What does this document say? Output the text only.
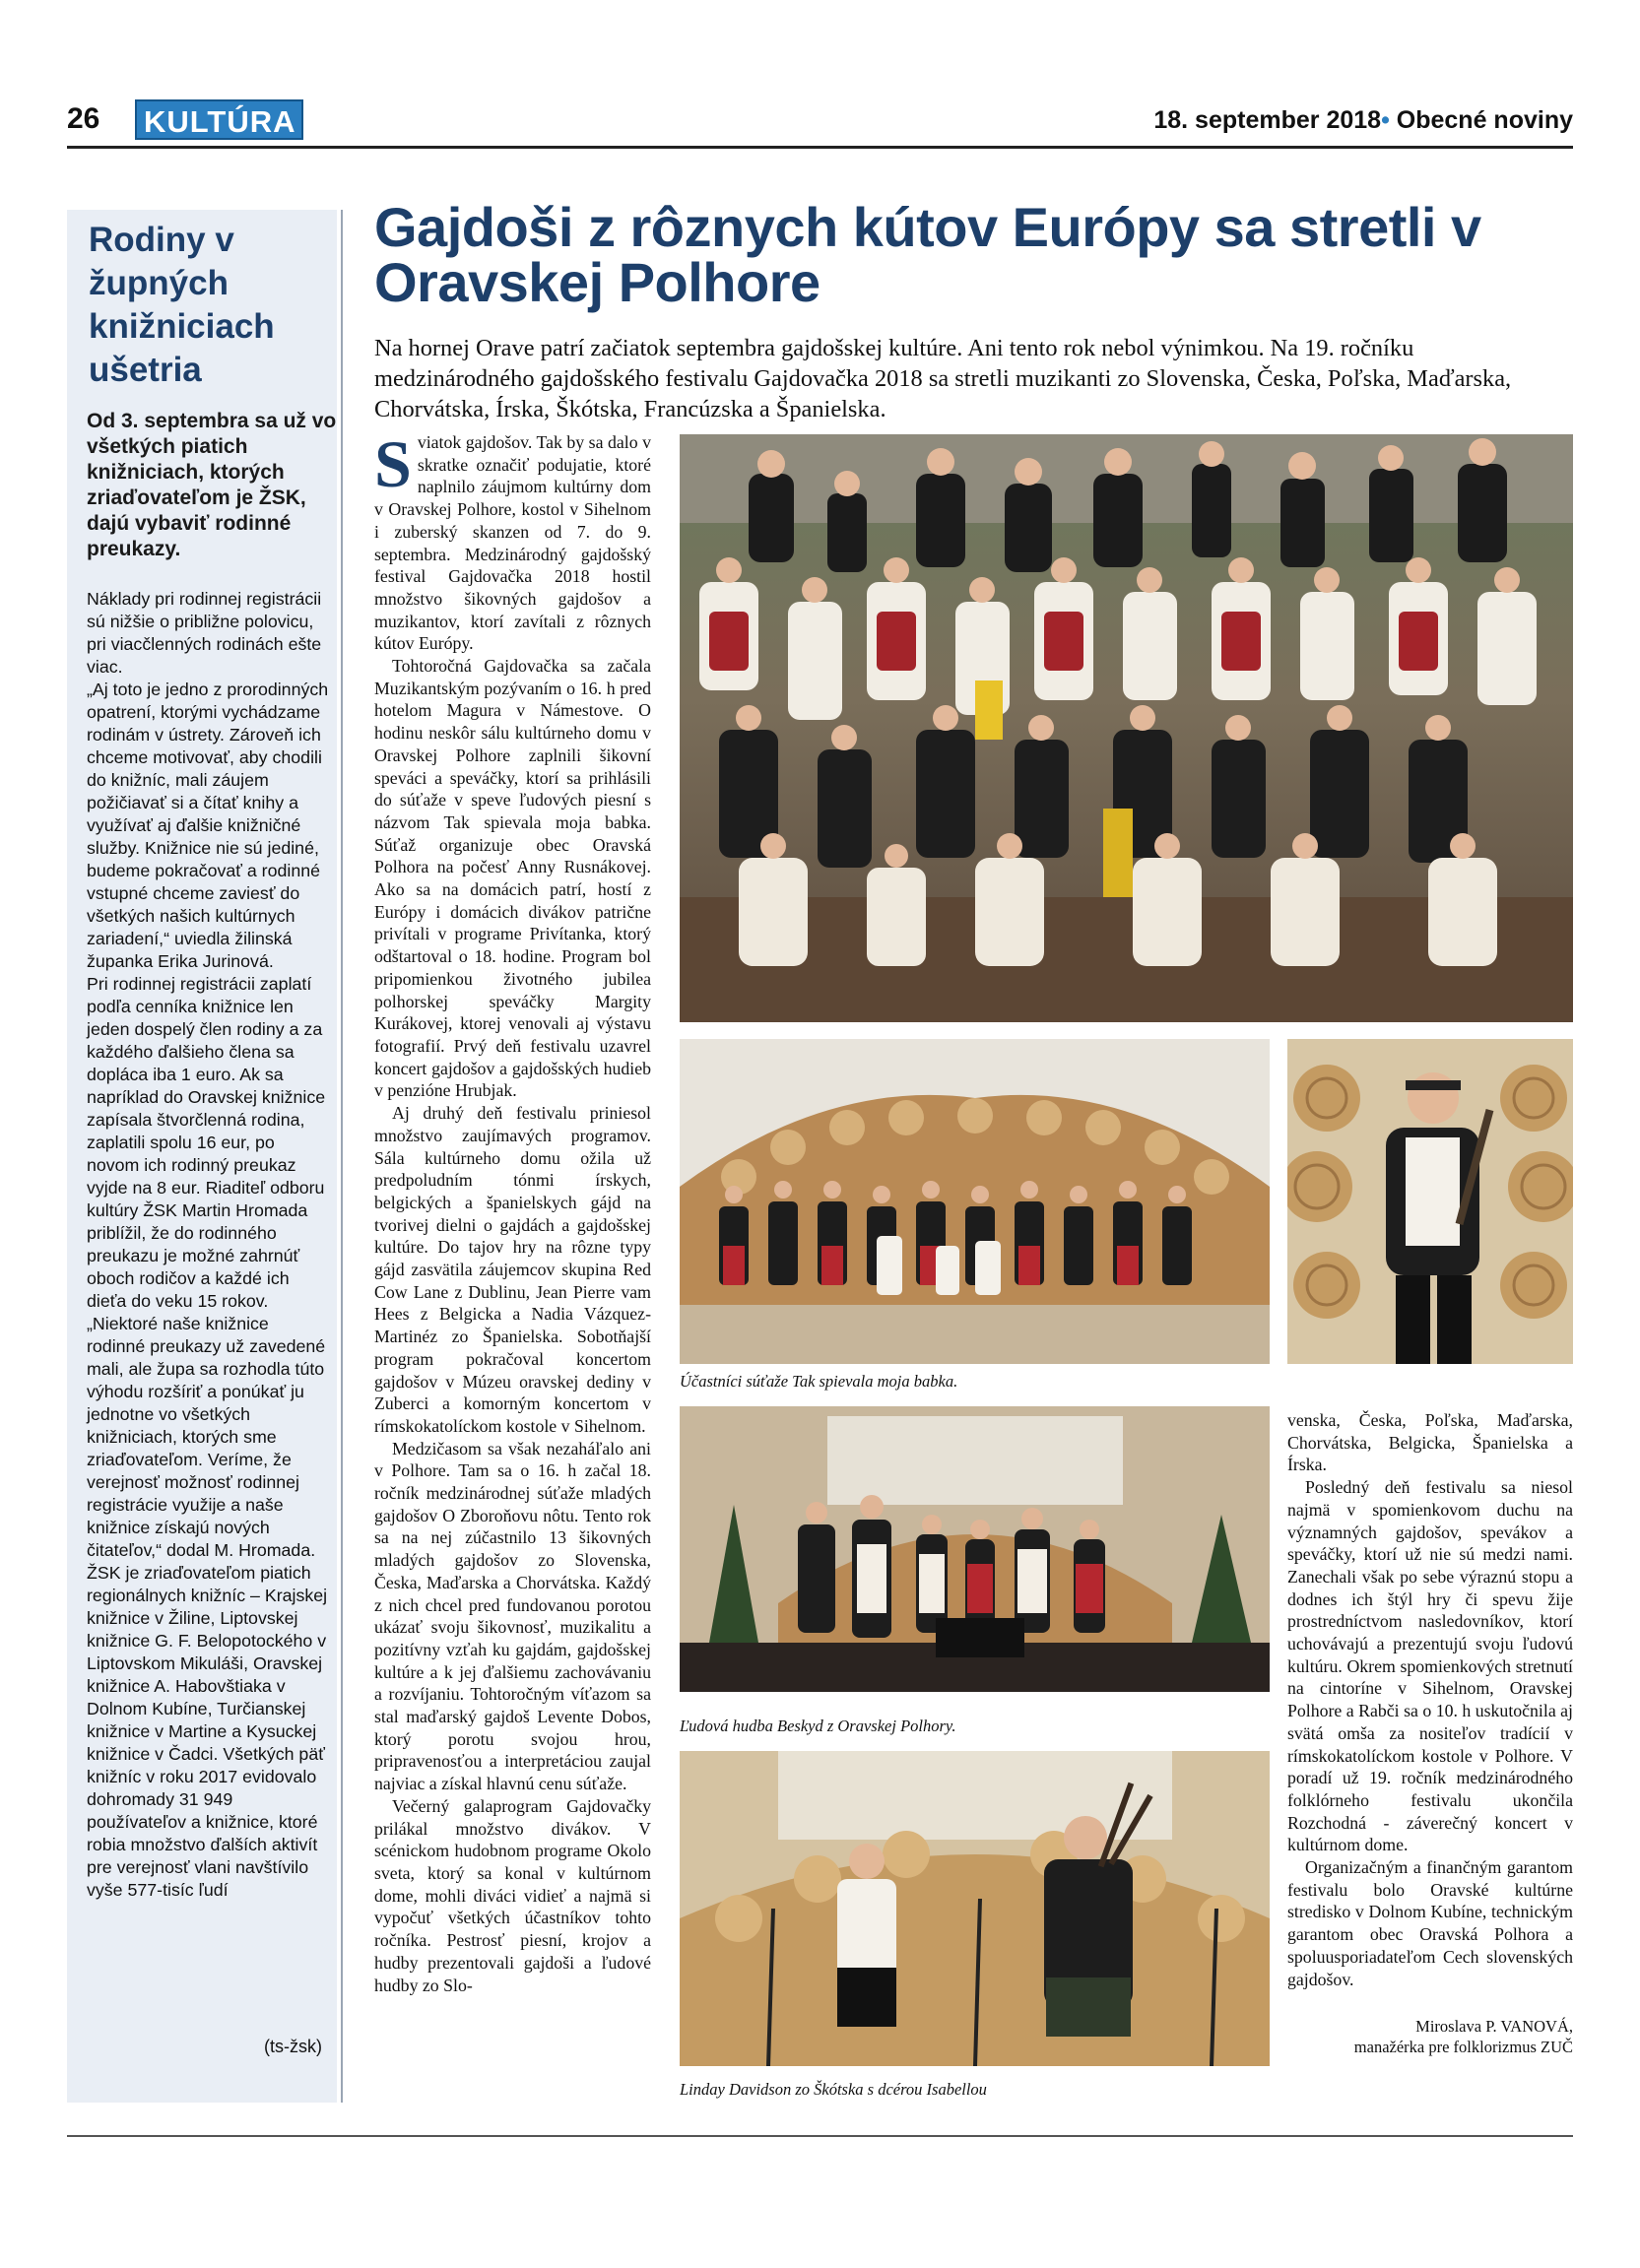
26 KULTÚRA	18. september 2018• Obecné noviny
Rodiny v župných knižniciach ušetria
Od 3. septembra sa už vo všetkých piatich knižniciach, ktorých zriaďovateľom je ŽSK, dajú vybaviť rodinné preukazy.

Náklady pri rodinnej registrácii sú nižšie o približne polovicu, pri viacčlenných rodinách ešte viac.

„Aj toto je jedno z prorodinných opatrení, ktorými vychádzame rodinám v ústrety. Zároveň ich chceme motivovať, aby chodili do knižníc, mali záujem požičiavať si a čítať knihy a využívať aj ďalšie knižničné služby. Knižnice nie sú jediné, budeme pokračovať a rodinné vstupné chceme zaviesť do všetkých našich kultúrnych zariadení,“ uviedla žilinská županka Erika Jurinová.

Pri rodinnej registrácii zaplatí podľa cenníka knižnice len jeden dospelý člen rodiny a za každého ďalšieho člena sa dopláca iba 1 euro. Ak sa napríklad do Oravskej knižnice zapísala štvorčlenná rodina, zaplatili spolu 16 eur, po novom ich rodinný preukaz vyjde na 8 eur. Riaditeľ odboru kultúry ŽSK Martin Hromada priblížil, že do rodinného preukazu je možné zahrnúť oboch rodičov a každé ich dieťa do veku 15 rokov.

„Niektoré naše knižnice rodinné preukazy už zavedené mali, ale župa sa rozhodla túto výhodu rozšíriť a ponúkať ju jednotne vo všetkých knižniciach, ktorých sme zriaďovateľom. Veríme, že verejnosť možnosť rodinnej registrácie využije a naše knižnice získajú nových čitateľov,“ dodal M. Hromada.

ŽSK je zriaďovateľom piatich regionálnych knižníc – Krajskej knižnice v Žiline, Liptovskej knižnice G. F. Belopotockého v Liptovskom Mikuláši, Oravskej knižnice A. Habovštiaka v Dolnom Kubíne, Turčianskej knižnice v Martine a Kysuckej knižnice v Čadci. Všetkých päť knižníc v roku 2017 evidovalo dohromady 31 949 používateľov a knižnice, ktoré robia množstvo ďalších aktivít pre verejnosť vlani navštívilo vyše 577-tisíc ľudí

(ts-žsk)
Gajdoši z rôznych kútov Európy sa stretli v Oravskej Polhore
Na hornej Orave patrí začiatok septembra gajdošskej kultúre. Ani tento rok nebol výnimkou. Na 19. ročníku medzinárodného gajdošského festivalu Gajdovačka 2018 sa stretli muzikanti zo Slovenska, Česka, Poľska, Maďarska, Chorvátska, Írska, Škótska, Francúzska a Španielska.

Sviatok gajdošov. Tak by sa dalo v skratke označiť podujatie, ktoré naplnilo záujmom kultúrny dom v Oravskej Polhore, kostol v Sihelnom i zuberský skanzen od 7. do 9. septembra. Medzinárodný gajdošský festival Gajdovačka 2018 hostil množstvo šikovných gajdošov a muzikantov, ktorí zavítali z rôznych kútov Európy.

Tohtoročná Gajdovačka sa začala Muzikantským pozývaním o 16. h pred hotelom Magura v Námestove. O hodinu neskôr sálu kultúrneho domu v Oravskej Polhore zaplnili šikovní speváci a speváčky, ktorí sa prihlásili do súťaže v speve ľudových piesní s názvom Tak spievala moja babka. Súťaž organizuje obec Oravská Polhora na počesť Anny Rusnákovej. Ako sa na domácich patrí, hostí z Európy i domácich divákov patrične privítali v programe Privítanka, ktorý odštartoval o 18. hodine. Program bol pripomienkou životného jubilea polhorskej speváčky Margity Kurákovej, ktorej venovali aj výstavu fotografií. Prvý deň festivalu uzavrel koncert gajdošov a gajdošských hudieb v penzióne Hrubjak.

Aj druhý deň festivalu priniesol množstvo zaujímavých programov. Sála kultúrneho domu ožila už predpoludním tónmi írskych, belgických a španielskych gájd na tvorivej dielni o gajdách a gajdošskej kultúre. Do tajov hry na rôzne typy gájd zasvätila záujemcov skupina Red Cow Lane z Dublinu, Jean Pierre vam Hees z Belgicka a Nadia Vázquez-Martinéz zo Španielska. Sobotňajší program pokračoval koncertom gajdošov v Múzeu oravskej dediny v Zuberci a komorným koncertom v rímskokatolíckom kostole v Sihelnom.

Medzičasom sa však nezaháľalo ani v Polhore. Tam sa o 16. h začal 18. ročník medzinárodnej súťaže mladých gajdošov O Zboroňovu nôtu. Tento rok sa na nej zúčastnilo 13 šikovných mladých gajdošov zo Slovenska, Česka, Maďarska a Chorvátska. Každý z nich chcel pred fundovanou porotou ukázať svoju šikovnosť, muzikalitu a pozitívny vzťah ku gajdám, gajdošskej kultúre a k jej ďalšiemu zachovávaniu a rozvíjaniu. Tohtoročným víťazom sa stal maďarský gajdoš Levente Dobos, ktorý porotu svojou hrou, pripravenosťou a interpretáciou zaujal najviac a získal hlavnú cenu súťaže.

Večerný galaprogram Gajdovačky prilákal množstvo divákov. V scénickom hudobnom programe Okolo sveta, ktorý sa konal v kultúrnom dome, mohli diváci vidieť a najmä si vypočuť všetkých účastníkov tohto ročníka. Pestrosť piesní, krojov a hudby prezentovali gajdoši a ľudové hudby zo Slo-

Účastníci súťaže Tak spievala moja babka.
Ľudová hudba Beskyd z Oravskej Polhory.
Linday Davidson zo Škótska s dcérou Isabellou

venska, Česka, Poľska, Maďarska, Chorvátska, Belgicka, Španielska a Írska.

Posledný deň festivalu sa niesol najmä v spomienkovom duchu na významných gajdošov, spevákov a speváčky, ktorí už nie sú medzi nami. Zanechali však po sebe výraznú stopu a dodnes ich štýl hry či spevu žije prostredníctvom nasledovníkov, ktorí uchovávajú a prezentujú svoju ľudovú kultúru. Okrem spomienkových stretnutí na cintoríne v Sihelnom, Oravskej Polhore a Rabči sa o 10. h uskutočnila aj svätá omša za nositeľov tradícií v rímskokatolíckom kostole v Polhore. V poradí už 19. ročník medzinárodného folklórneho festivalu ukončila Rozchodná - záverečný koncert v kultúrnom dome.

Organizačným a finančným garantom festivalu bolo Oravské kultúrne stredisko v Dolnom Kubíne, technickým garantom obec Oravská Polhora a spoluusporiadateľom Cech slovenských gajdošov.

Miroslava P. VANOVÁ,
manažérka pre folklorizmus ZUČ
